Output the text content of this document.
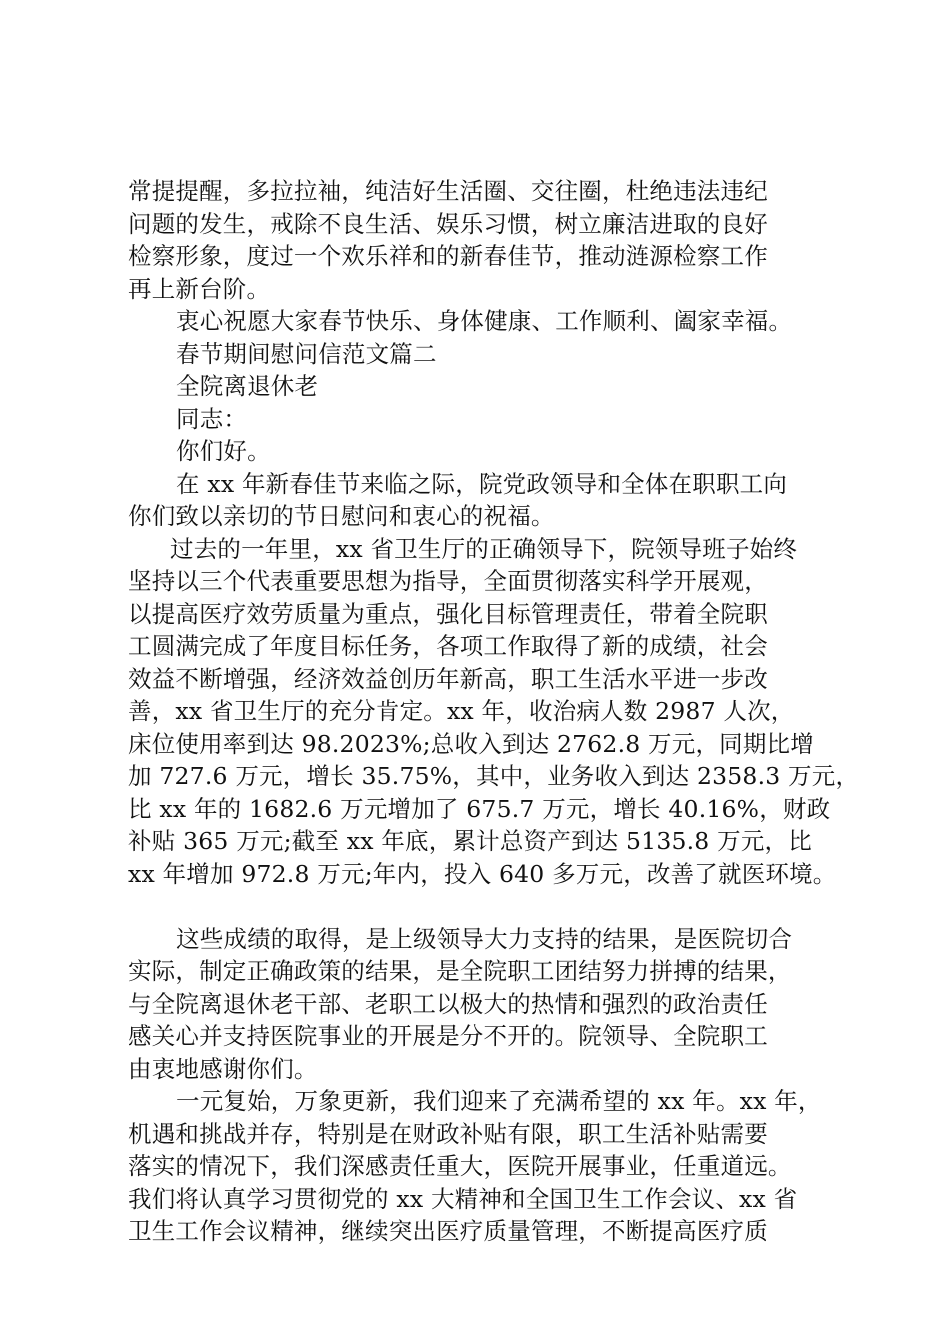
常提提醒，多拉拉袖，纯洁好生活圈、交往圈，杜绝违法违纪
问题的发生，戒除不良生活、娱乐习惯，树立廉洁进取的良好
检察形象，度过一个欢乐祥和的新春佳节，推动涟源检察工作
再上新台阶。
衷心祝愿大家春节快乐、身体健康、工作顺利、阖家幸福。
春节期间慰问信范文篇二
全院离退休老
同志：
你们好。
在 xx 年新春佳节来临之际，院党政领导和全体在职职工向
你们致以亲切的节日慰问和衷心的祝福。
过去的一年里，xx 省卫生厅的正确领导下，院领导班子始终
坚持以三个代表重要思想为指导，全面贯彻落实科学开展观，
以提高医疗效劳质量为重点，强化目标管理责任，带着全院职
工圆满完成了年度目标任务，各项工作取得了新的成绩，社会
效益不断增强，经济效益创历年新高，职工生活水平进一步改
善，xx 省卫生厅的充分肯定。xx 年，收治病人数 2987 人次，
床位使用率到达 98.2023%;总收入到达 2762.8 万元，同期比增
加 727.6 万元，增长 35.75%，其中，业务收入到达 2358.3 万元，
比 xx 年的 1682.6 万元增加了 675.7 万元，增长 40.16%，财政
补贴 365 万元;截至 xx 年底，累计总资产到达 5135.8 万元，比
xx 年增加 972.8 万元;年内，投入 640 多万元，改善了就医环境。
这些成绩的取得，是上级领导大力支持的结果，是医院切合
实际，制定正确政策的结果，是全院职工团结努力拼搏的结果，
与全院离退休老干部、老职工以极大的热情和强烈的政治责任
感关心并支持医院事业的开展是分不开的。院领导、全院职工
由衷地感谢你们。
一元复始，万象更新，我们迎来了充满希望的 xx 年。xx 年，
机遇和挑战并存，特别是在财政补贴有限，职工生活补贴需要
落实的情况下，我们深感责任重大，医院开展事业，任重道远。
我们将认真学习贯彻党的 xx 大精神和全国卫生工作会议、xx 省
卫生工作会议精神，继续突出医疗质量管理，不断提高医疗质
